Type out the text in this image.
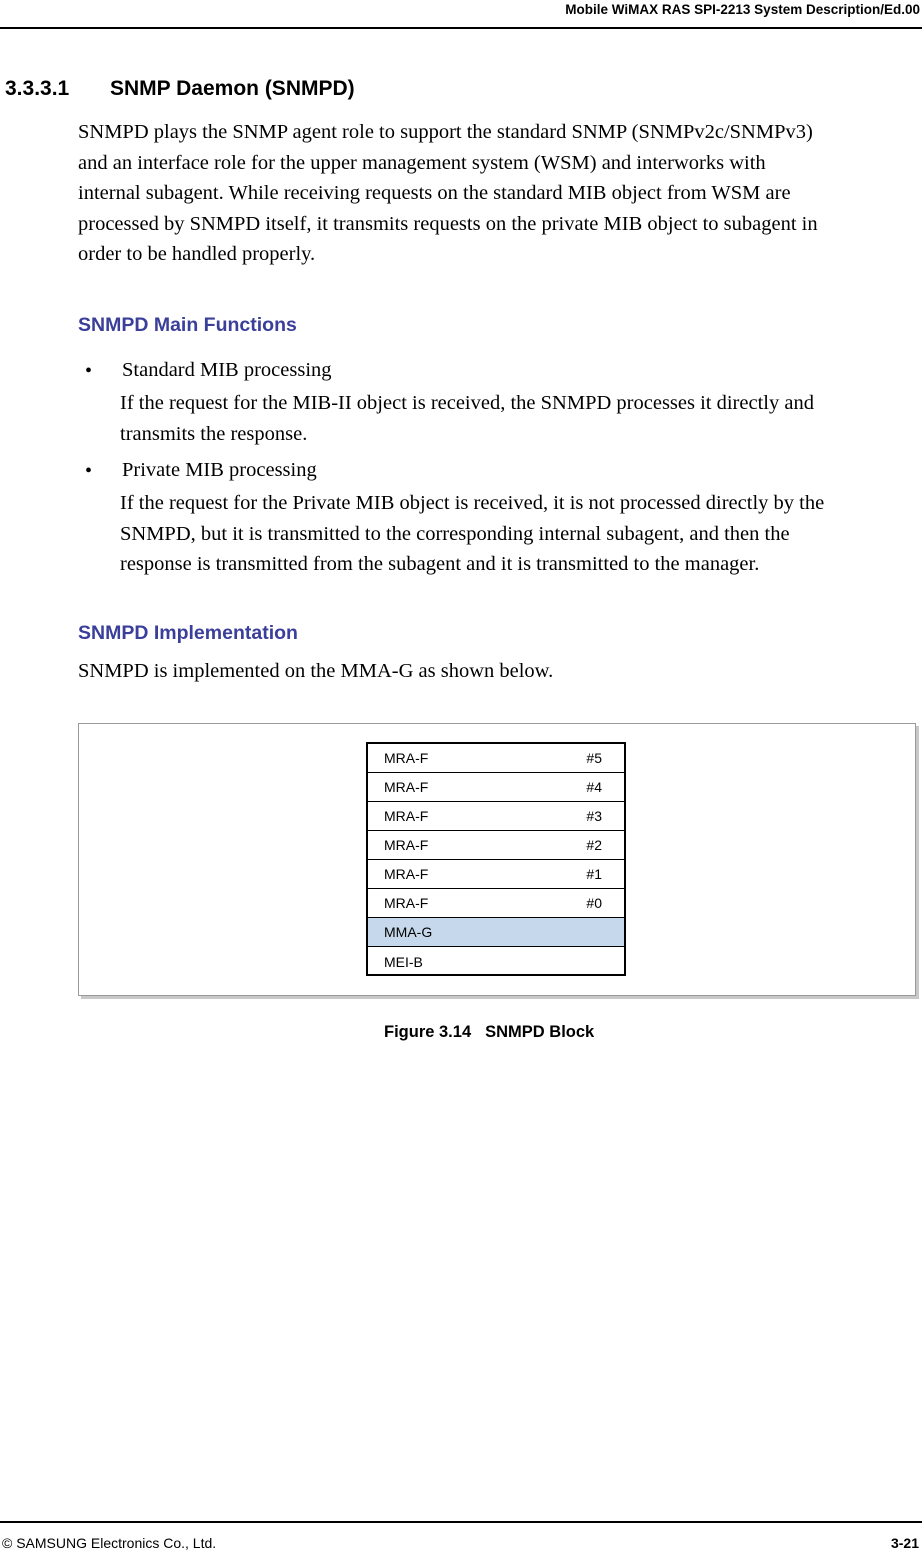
Mobile WiMAX RAS SPI-2213 System Description/Ed.00
3.3.3.1 SNMP Daemon (SNMPD)

SNMPD plays the SNMP agent role to support the standard SNMP (SNMPv2c/SNMPv3)
and an interface role for the upper management system (WSM) and interworks with
internal subagent. While receiving requests on the standard MIB object from WSM are
processed by SNMPD itself, it transmits requests on the private MIB object to subagent in
order to be handled properly.

SNMPD Main Functions
• Standard MIB processing

If the request for the MIB-II object is received, the SNMPD processes it directly and
transmits the response.

• Private MIB processing

If the request for the Private MIB object is received, it is not processed directly by the
SNMPD, but it is transmitted to the corresponding internal subagent, and then the
response is transmitted from the subagent and it is transmitted to the manager.

SNMPD Implementation

SNMPD is implemented on the MMA-G as shown below.

MRA-F	#5
MRA-F	#4
MRA-F	#3
MRA-F	#2
MRA-F	#1
MRA-F	#0
MMA-G
MEI-B
Figure 3.14 SNMPD Block
© SAMSUNG Electronics Co., Ltd.	3-21
